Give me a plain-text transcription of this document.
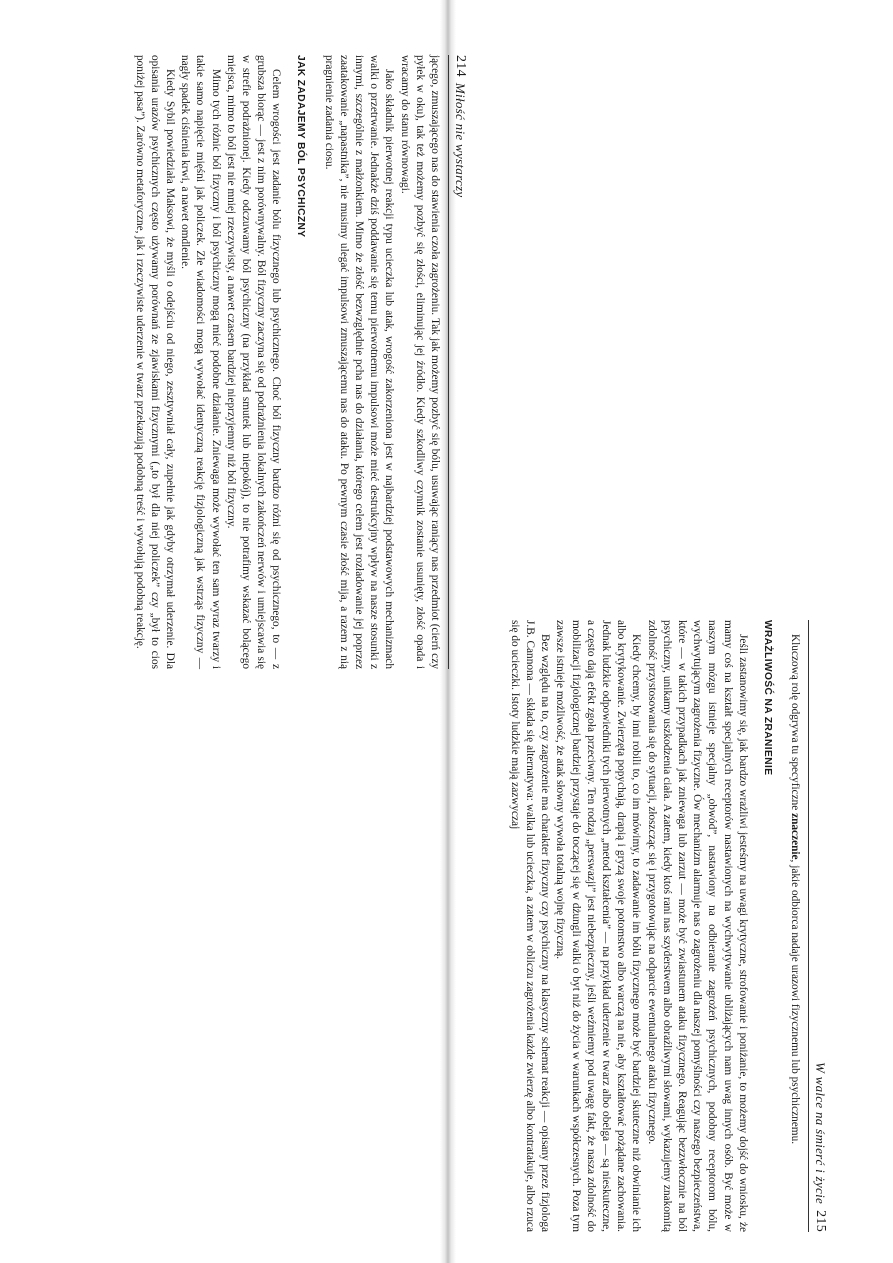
214
Miłość nie wystarczy

jącego, zmuszającego nas do stawienia czoła zagrożeniu. Tak jak możemy pozbyć się bólu, usuwając raniący nas przedmiot (cierń czy pyłek w oku), tak też możemy pozbyć się złości, eliminując jej źródło. Kiedy szkodliwy czynnik zostanie usunięty, złość opada i wracamy do stanu równowagi.

Jako składnik pierwotnej reakcji typu ucieczka lub atak, wrogość zakorzeniona jest w najbardziej podstawowych mechanizmach walki o przetrwanie. Jednakże dziś poddawanie się temu pierwotnemu impulsowi może mieć destrukcyjny wpływ na nasze stosunki z innymi, szczególnie z małżonkiem. Mimo że złość bezwzględnie pcha nas do działania, którego celem jest rozładowanie jej poprzez zaatakowanie „napastnika”, nie musimy ulegać impulsowi zmuszającemu nas do ataku. Po pewnym czasie złość mija, a razem z nią pragnienie zadania ciosu.

JAK ZADAJEMY BÓL PSYCHICZNY

Celem wrogości jest zadanie bólu fizycznego lub psychicznego. Choć ból fizyczny bardzo różni się od psychicznego, to — z grubsza biorąc — jest z nim porównywalny. Ból fizyczny zaczyna się od podrażnienia lokalnych zakończeń nerwów i umiejscawia się w strefie podrażnionej. Kiedy odczuwamy ból psychiczny (na przykład smutek lub niepokój), to nie potrafimy wskazać bolącego miejsca, mimo to ból jest nie mniej rzeczywisty, a nawet czasem bardziej nieprzyjemny niż ból fizyczny.

Mimo tych różnic ból fizyczny i ból psychiczny mogą mieć podobne działanie. Zniewaga może wywołać ten sam wyraz twarzy i takie samo napięcie mięśni jak policzek. Złe wiadomości mogą wywołać identyczną reakcję fizjologiczną jak wstrząs fizyczny — nagły spadek ciśnienia krwi, a nawet omdlenie.

Kiedy Sybil powiedziała Maksowi, że myśli o odejściu od niego, zesztywniał cały, zupełnie jak gdyby otrzymał uderzenie. Dla opisania urazów psychicznych często używamy porównań ze zjawiskami fizycznymi („to był dla niej policzek” czy „był to cios poniżej pasa”). Zarówno metaforyczne, jak i rzeczywiste uderzenie w twarz przekazują podobną treść i wywołują podobną reakcję.

W walce na śmierć i życie
215

Kluczową rolę odgrywa tu specyficzne znaczenie, jakie odbiorca nadaje urazowi fizycznemu lub psychicznemu.

WRAŻLIWOŚĆ NA ZRANIENIE

Jeśli zastanowimy się, jak bardzo wrażliwi jesteśmy na uwagi krytyczne, strofowanie i poniżanie, to możemy dojść do wniosku, że mamy coś na kształt specjalnych receptorów nastawionych na wychwytywanie ubliżających nam uwag innych osób. Być może w naszym mózgu istnieje specjalny „obwód”, nastawiony na odbieranie zagrożeń psychicznych, podobny receptorom bólu, wychwytującym zagrożenia fizyczne. Ów mechanizm alarmuje nas o zagrożeniu dla naszej pomyślności czy naszego bezpieczeństwa, które — w takich przypadkach jak zniewaga lub zarzut — może być zwiastunem ataku fizycznego. Reagując bezzwłocznie na ból psychiczny, unikamy uszkodzenia ciała. A zatem, kiedy ktoś rani nas szyderstwem albo obraźliwymi słowami, wykazujemy znakomitą zdolność przystosowania się do sytuacji, złoszcząc się i przygotowując na odparcie ewentualnego ataku fizycznego.

Kiedy chcemy, by inni robili to, co im mówimy, to zadawanie im bólu fizycznego może być bardziej skuteczne niż obwinianie ich albo krytykowanie. Zwierzęta popychają, drapią i gryzą swoje potomstwo albo warczą na nie, aby kształtować pożądane zachowania. Jednak ludzkie odpowiedniki tych pierwotnych „metod kształcenia” — na przykład uderzenie w twarz albo obelga — są nieskuteczne, a często dają efekt zgoła przeciwny. Ten rodzaj „perswazji” jest niebezpieczny, jeśli weźmiemy pod uwagę fakt, że nasza zdolność do mobilizacji fizjologicznej bardziej przystaje do toczącej się w dżungli walki o byt niż do życia w warunkach współczesnych. Poza tym zawsze istnieje możliwość, że atak słowny wywoła totalną wojnę fizyczną.

Bez względu na to, czy zagrożenie ma charakter fizyczny czy psychiczny na klasyczny schemat reakcji — opisany przez fizjologa J.B. Cannona — składa się alternatywa: walka lub ucieczka, a zatem w obliczu zagrożenia każde zwierzę albo kontratakuje, albo rzuca się do ucieczki. Istoty ludzkie mają zazwyczaj
